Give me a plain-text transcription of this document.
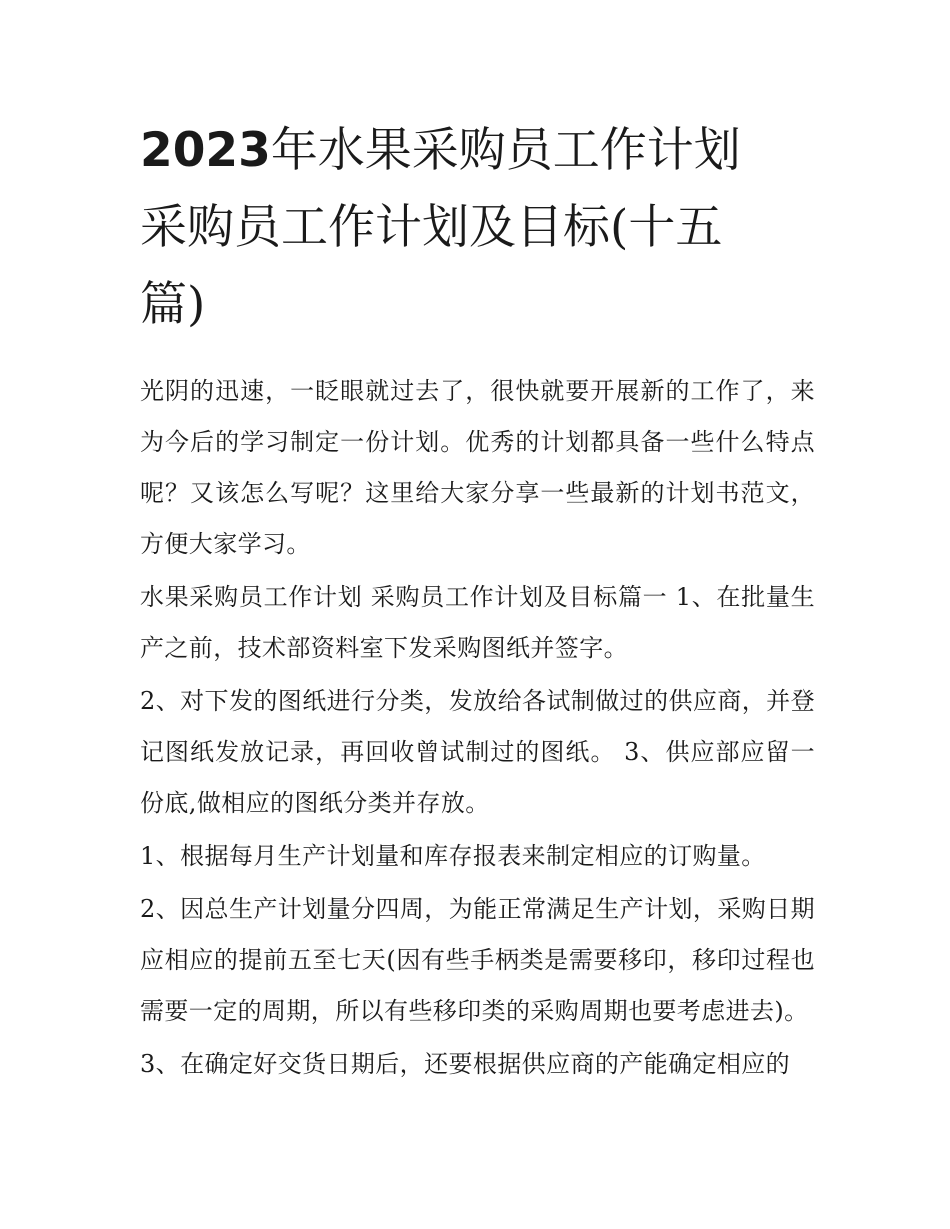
2023年水果采购员工作计划
采购员工作计划及目标(十五
篇)

光阴的迅速，一眨眼就过去了，很快就要开展新的工作了，来为今后的学习制定一份计划。优秀的计划都具备一些什么特点呢？又该怎么写呢？这里给大家分享一些最新的计划书范文，方便大家学习。

水果采购员工作计划 采购员工作计划及目标篇一 1、在批量生产之前，技术部资料室下发采购图纸并签字。

2、对下发的图纸进行分类，发放给各试制做过的供应商，并登记图纸发放记录，再回收曾试制过的图纸。 3、供应部应留一份底,做相应的图纸分类并存放。

1、根据每月生产计划量和库存报表来制定相应的订购量。

2、因总生产计划量分四周，为能正常满足生产计划，采购日期应相应的提前五至七天(因有些手柄类是需要移印，移印过程也需要一定的周期，所以有些移印类的采购周期也要考虑进去)。

3、在确定好交货日期后，还要根据供应商的产能确定相应的
